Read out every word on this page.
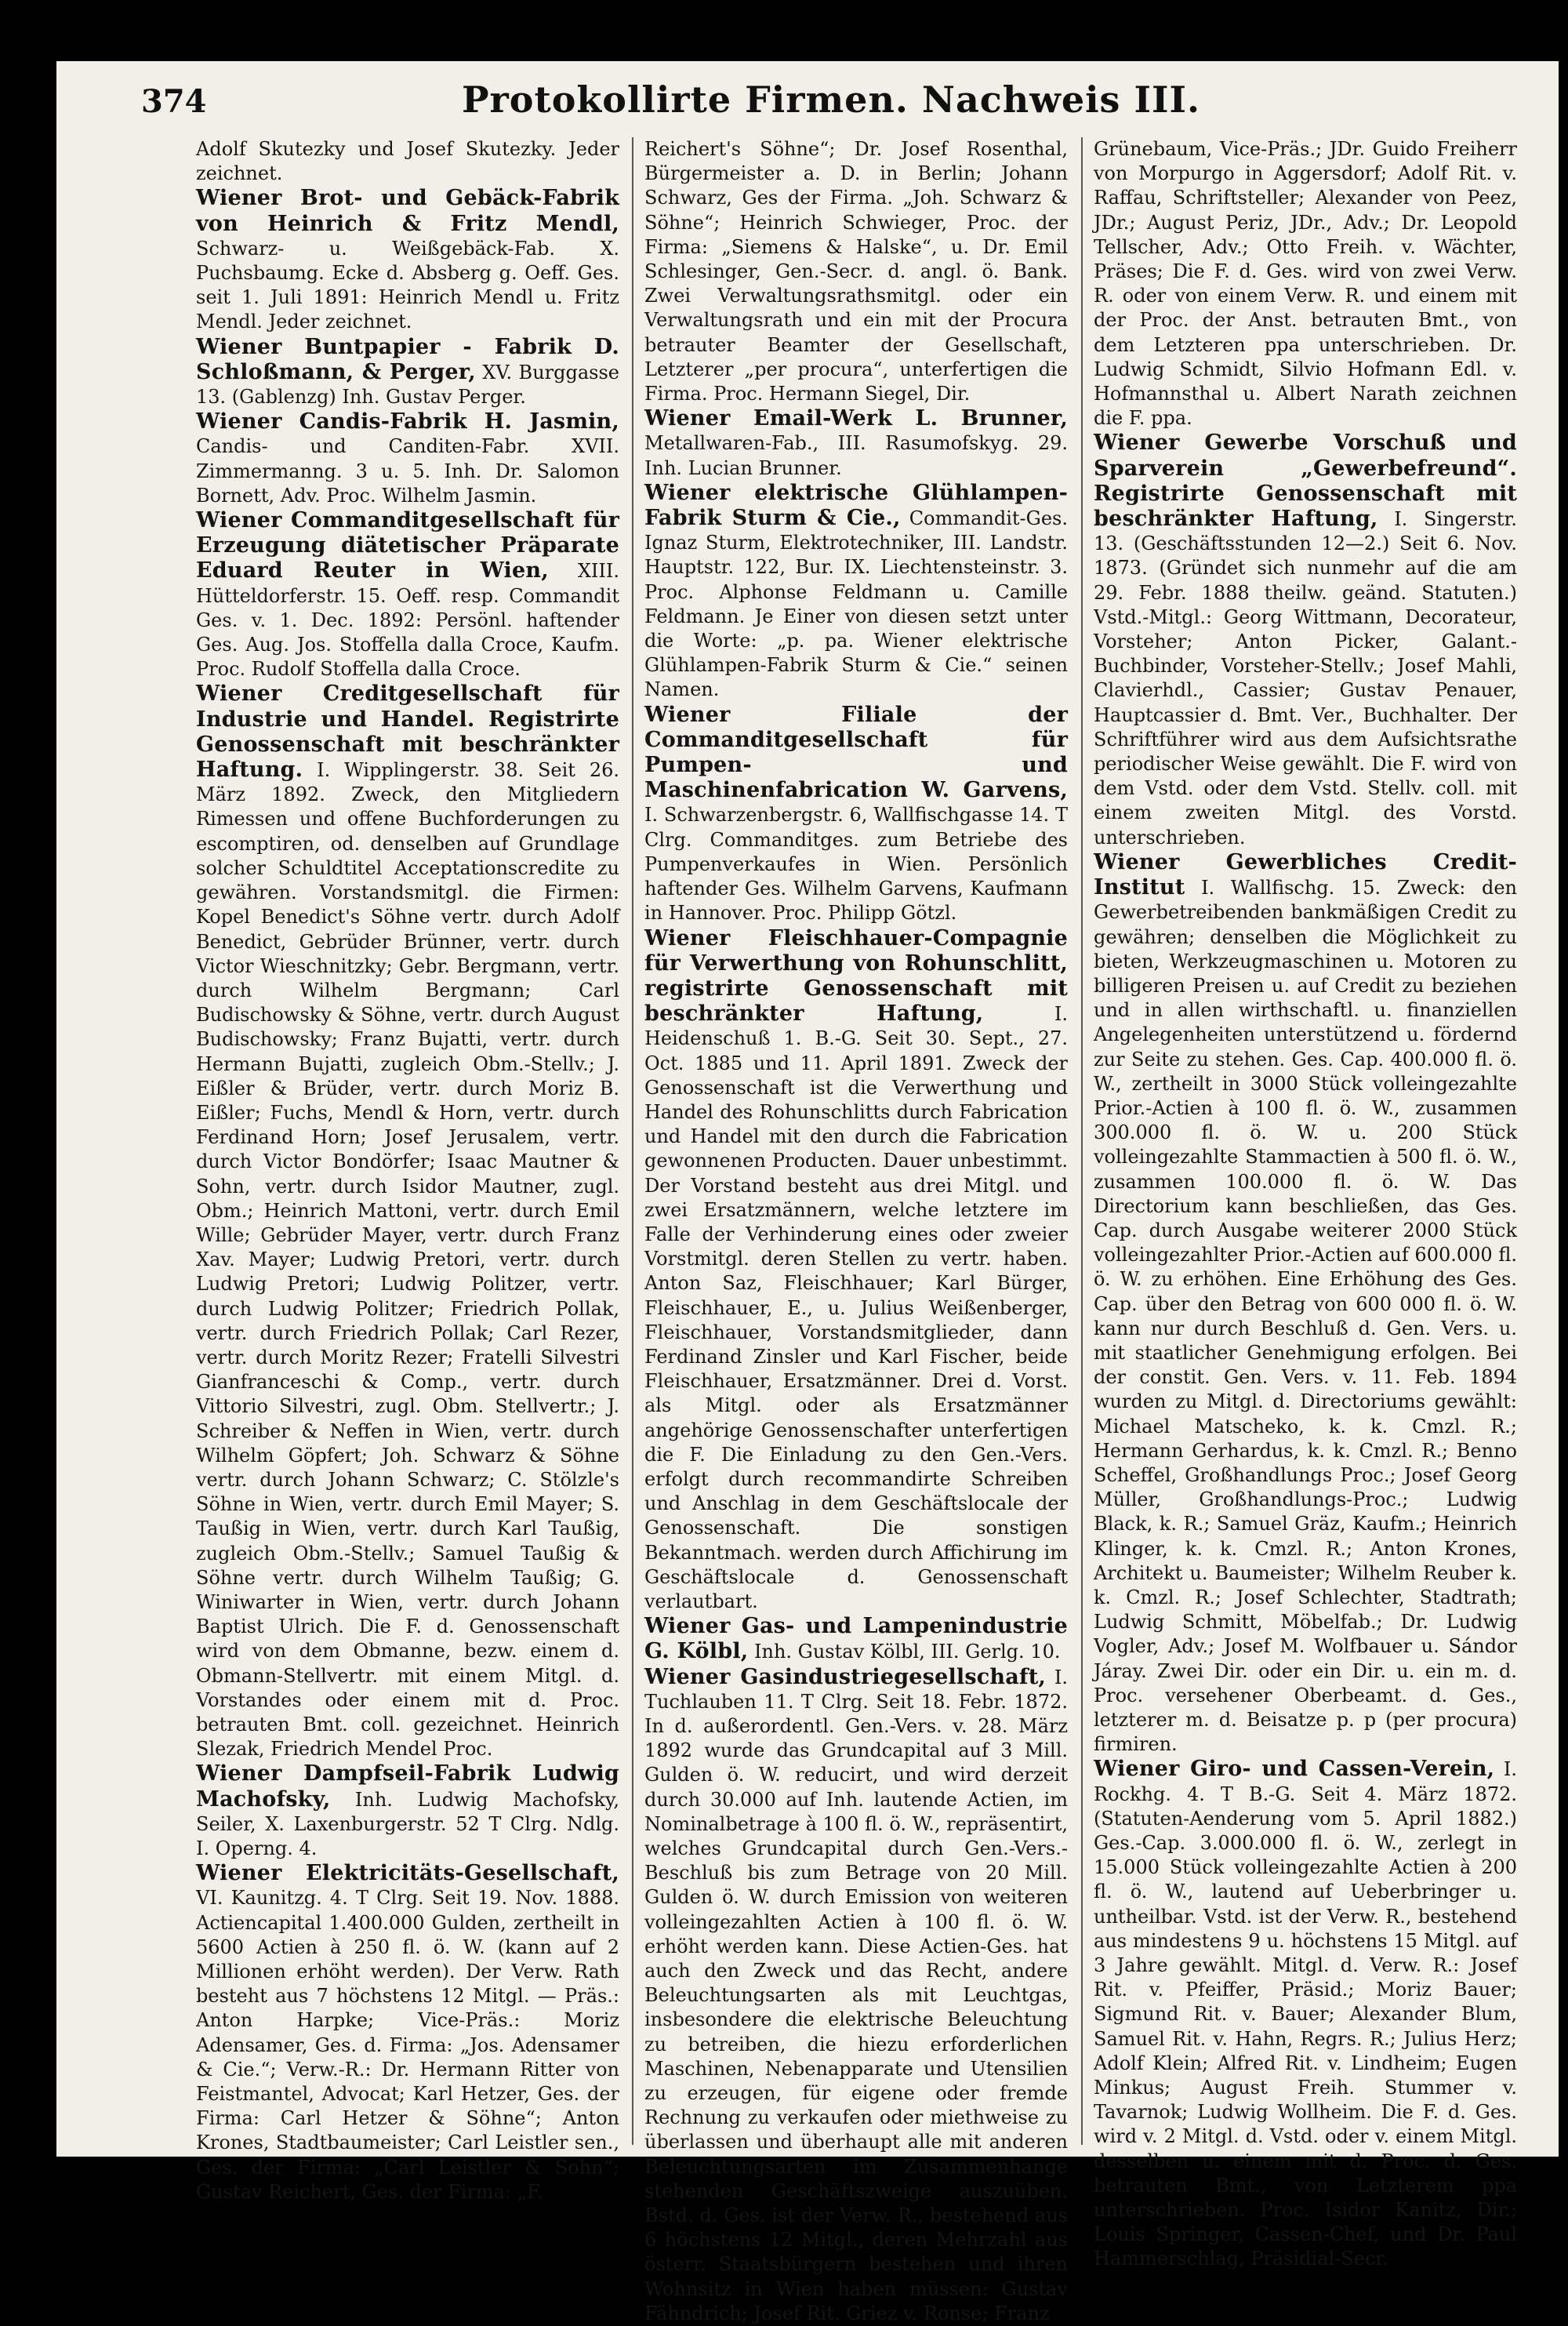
374	Protokollirte Firmen. Nachweis III.

Adolf Skutezky und Josef Skutezky. Jeder zeichnet.

Wiener Brot- und Gebäck-Fabrik von Heinrich & Fritz Mendl, Schwarz- u. Weißgebäck-Fab. X. Puchsbaumg. Ecke d. Absberg g. Oeff. Ges. seit 1. Juli 1891: Heinrich Mendl u. Fritz Mendl. Jeder zeichnet.

Wiener Buntpapier - Fabrik D. Schloßmann, & Perger, XV. Burggasse 13. (Gablenzg) Inh. Gustav Perger.

Wiener Candis-Fabrik H. Jasmin, Candis- und Canditen-Fabr. XVII. Zimmermanng. 3 u. 5. Inh. Dr. Salomon Bornett, Adv. Proc. Wilhelm Jasmin.

Wiener Commanditgesellschaft für Erzeugung diätetischer Präparate Eduard Reuter in Wien, XIII. Hütteldorferstr. 15. Oeff. resp. Commandit Ges. v. 1. Dec. 1892: Persönl. haftender Ges. Aug. Jos. Stoffella dalla Croce, Kaufm. Proc. Rudolf Stoffella dalla Croce.

Wiener Creditgesellschaft für Industrie und Handel. Registrirte Genossenschaft mit beschränkter Haftung. I. Wipplingerstr. 38. Seit 26. März 1892. Zweck, den Mitgliedern Rimessen und offene Buchforderungen zu escomptiren, od. denselben auf Grundlage solcher Schuldtitel Acceptationscredite zu gewähren. Vorstandsmitgl. die Firmen: Kopel Benedict's Söhne vertr. durch Adolf Benedict, Gebrüder Brünner, vertr. durch Victor Wieschnitzky; Gebr. Bergmann, vertr. durch Wilhelm Bergmann; Carl Budischowsky & Söhne, vertr. durch August Budischowsky; Franz Bujatti, vertr. durch Hermann Bujatti, zugleich Obm.-Stellv.; J. Eißler & Brüder, vertr. durch Moriz B. Eißler; Fuchs, Mendl & Horn, vertr. durch Ferdinand Horn; Josef Jerusalem, vertr. durch Victor Bondörfer; Isaac Mautner & Sohn, vertr. durch Isidor Mautner, zugl. Obm.; Heinrich Mattoni, vertr. durch Emil Wille; Gebrüder Mayer, vertr. durch Franz Xav. Mayer; Ludwig Pretori, vertr. durch Ludwig Pretori; Ludwig Politzer, vertr. durch Ludwig Politzer; Friedrich Pollak, vertr. durch Friedrich Pollak; Carl Rezer, vertr. durch Moritz Rezer; Fratelli Silvestri Gianfranceschi & Comp., vertr. durch Vittorio Silvestri, zugl. Obm. Stellvertr.; J. Schreiber & Neffen in Wien, vertr. durch Wilhelm Göpfert; Joh. Schwarz & Söhne vertr. durch Johann Schwarz; C. Stölzle's Söhne in Wien, vertr. durch Emil Mayer; S. Taußig in Wien, vertr. durch Karl Taußig, zugleich Obm.-Stellv.; Samuel Taußig & Söhne vertr. durch Wilhelm Taußig; G. Winiwarter in Wien, vertr. durch Johann Baptist Ulrich. Die F. d. Genossenschaft wird von dem Obmanne, bezw. einem d. Obmann-Stellvertr. mit einem Mitgl. d. Vorstandes oder einem mit d. Proc. betrauten Bmt. coll. gezeichnet. Heinrich Slezak, Friedrich Mendel Proc.

Wiener Dampfseil-Fabrik Ludwig Machofsky, Inh. Ludwig Machofsky, Seiler, X. Laxenburgerstr. 52 T Clrg. Ndlg. I. Operng. 4.

Wiener Elektricitäts-Gesellschaft, VI. Kaunitzg. 4. T Clrg. Seit 19. Nov. 1888. Actiencapital 1.400.000 Gulden, zertheilt in 5600 Actien à 250 fl. ö. W. (kann auf 2 Millionen erhöht werden). Der Verw. Rath besteht aus 7 höchstens 12 Mitgl. — Präs.: Anton Harpke; Vice-Präs.: Moriz Adensamer, Ges. d. Firma: „Jos. Adensamer & Cie.“; Verw.-R.: Dr. Hermann Ritter von Feistmantel, Advocat; Karl Hetzer, Ges. der Firma: Carl Hetzer & Söhne“; Anton Krones, Stadtbaumeister; Carl Leistler sen., Ges. der Firma: „Carl Leistler & Sohn“; Gustav Reichert, Ges. der Firma: „F.

Reichert's Söhne“; Dr. Josef Rosenthal, Bürgermeister a. D. in Berlin; Johann Schwarz, Ges der Firma. „Joh. Schwarz & Söhne“; Heinrich Schwieger, Proc. der Firma: „Siemens & Halske“, u. Dr. Emil Schlesinger, Gen.-Secr. d. angl. ö. Bank. Zwei Verwaltungsrathsmitgl. oder ein Verwaltungsrath und ein mit der Procura betrauter Beamter der Gesellschaft, Letzterer „per procura“, unterfertigen die Firma. Proc. Hermann Siegel, Dir.

Wiener Email-Werk L. Brunner, Metallwaren-Fab., III. Rasumofskyg. 29. Inh. Lucian Brunner.

Wiener elektrische Glühlampen-Fabrik Sturm & Cie., Commandit-Ges. Ignaz Sturm, Elektrotechniker, III. Landstr. Hauptstr. 122, Bur. IX. Liechtensteinstr. 3. Proc. Alphonse Feldmann u. Camille Feldmann. Je Einer von diesen setzt unter die Worte: „p. pa. Wiener elektrische Glühlampen-Fabrik Sturm & Cie.“ seinen Namen.

Wiener Filiale der Commanditgesellschaft für Pumpen- und Maschinenfabrication W. Garvens, I. Schwarzenbergstr. 6, Wallfischgasse 14. T Clrg. Commanditges. zum Betriebe des Pumpenverkaufes in Wien. Persönlich haftender Ges. Wilhelm Garvens, Kaufmann in Hannover. Proc. Philipp Götzl.

Wiener Fleischhauer-Compagnie für Verwerthung von Rohunschlitt, registrirte Genossenschaft mit beschränkter Haftung,	I. Heidenschuß 1. B.-G. Seit 30. Sept., 27. Oct. 1885 und 11. April 1891. Zweck der Genossenschaft ist die Verwerthung und Handel des Rohunschlitts durch Fabrication und Handel mit den durch die Fabrication gewonnenen Producten. Dauer unbestimmt. Der Vorstand besteht aus drei Mitgl. und zwei Ersatzmännern, welche letztere im Falle der Verhinderung eines oder zweier Vorstmitgl. deren Stellen zu vertr. haben. Anton Saz, Fleischhauer; Karl Bürger, Fleischhauer, E., u. Julius Weißenberger, Fleischhauer, Vorstandsmitglieder, dann Ferdinand Zinsler und Karl Fischer, beide Fleischhauer, Ersatzmänner. Drei d. Vorst. als Mitgl. oder als Ersatzmänner angehörige Genossenschafter unterfertigen die F. Die Einladung zu den Gen.-Vers. erfolgt durch recommandirte Schreiben und Anschlag in dem Geschäftslocale der Genossenschaft. Die sonstigen Bekanntmach. werden durch Affichirung im Geschäftslocale d. Genossenschaft verlautbart.

Wiener Gas- und Lampenindustrie G. Kölbl, Inh. Gustav Kölbl, III. Gerlg. 10.

Wiener Gasindustriegesellschaft, I. Tuchlauben 11. T Clrg. Seit 18. Febr. 1872. In d. außerordentl. Gen.-Vers. v. 28. März 1892 wurde das Grundcapital auf 3 Mill. Gulden ö. W. reducirt, und wird derzeit durch 30.000 auf Inh. lautende Actien, im Nominalbetrage à 100 fl. ö. W., repräsentirt, welches Grundcapital durch Gen.-Vers.-Beschluß bis zum Betrage von 20 Mill. Gulden ö. W. durch Emission von weiteren volleingezahlten Actien à 100 fl. ö. W. erhöht werden kann. Diese Actien-Ges. hat auch den Zweck und das Recht, andere Beleuchtungsarten als mit Leuchtgas, insbesondere die elektrische Beleuchtung zu betreiben, die hiezu erforderlichen Maschinen, Nebenapparate und Utensilien zu erzeugen, für eigene oder fremde Rechnung zu verkaufen oder miethweise zu überlassen und überhaupt alle mit anderen Beleuchtungsarten im Zusammenhange stehenden Geschäftszweige auszuüben. Bstd. d. Ges. ist der Verw. R., bestehend aus 6 höchstens 12 Mitgl., deren Mehrzahl aus österr. Staatsbürgern bestehen und ihren Wohnsitz in Wien haben müssen: Gustav Fähndrich; Josef Rit. Griez v. Ronse; Franz

Grünebaum, Vice-Präs.; JDr. Guido Freiherr von Morpurgo in Aggersdorf; Adolf Rit. v. Raffau, Schriftsteller; Alexander von Peez, JDr.; August Periz, JDr., Adv.; Dr. Leopold Tellscher, Adv.; Otto Freih. v. Wächter, Präses; Die F. d. Ges. wird von zwei Verw. R. oder von einem Verw. R. und einem mit der Proc. der Anst. betrauten Bmt., von dem Letzteren ppa unterschrieben. Dr. Ludwig Schmidt, Silvio Hofmann Edl. v. Hofmannsthal u. Albert Narath zeichnen die F. ppa.

Wiener Gewerbe Vorschuß und Sparverein „Gewerbefreund“. Registrirte Genossenschaft mit beschränkter Haftung, I. Singerstr. 13. (Geschäftsstunden 12—2.) Seit 6. Nov. 1873. (Gründet sich nunmehr auf die am 29. Febr. 1888 theilw. geänd. Statuten.) Vstd.-Mitgl.: Georg Wittmann, Decorateur, Vorsteher; Anton Picker, Galant.-Buchbinder, Vorsteher-Stellv.; Josef Mahli, Clavierhdl., Cassier; Gustav Penauer, Hauptcassier d. Bmt. Ver., Buchhalter. Der Schriftführer wird aus dem Aufsichtsrathe periodischer Weise gewählt. Die F. wird von dem Vstd. oder dem Vstd. Stellv. coll. mit einem zweiten Mitgl. des Vorstd. unterschrieben.

Wiener Gewerbliches Credit-Institut I. Wallfischg. 15. Zweck: den Gewerbetreibenden bankmäßigen Credit zu gewähren; denselben die Möglichkeit zu bieten, Werkzeugmaschinen u. Motoren zu billigeren Preisen u. auf Credit zu beziehen und in allen wirthschaftl. u. finanziellen Angelegenheiten unterstützend u. fördernd zur Seite zu stehen. Ges. Cap. 400.000 fl. ö. W., zertheilt in 3000 Stück volleingezahlte Prior.-Actien à 100 fl. ö. W., zusammen 300.000 fl. ö. W. u. 200 Stück volleingezahlte Stammactien à 500 fl. ö. W., zusammen 100.000 fl. ö. W. Das Directorium kann beschließen, das Ges. Cap. durch Ausgabe weiterer 2000 Stück volleingezahlter Prior.-Actien auf 600.000 fl. ö. W. zu erhöhen. Eine Erhöhung des Ges. Cap. über den Betrag von 600 000 fl. ö. W. kann nur durch Beschluß d. Gen. Vers. u. mit staatlicher Genehmigung erfolgen. Bei der constit. Gen. Vers. v. 11. Feb. 1894 wurden zu Mitgl. d. Directoriums gewählt: Michael Matscheko, k. k. Cmzl. R.; Hermann Gerhardus, k. k. Cmzl. R.; Benno Scheffel, Großhandlungs Proc.; Josef Georg Müller, Großhandlungs-Proc.; Ludwig Black, k. R.; Samuel Gräz, Kaufm.; Heinrich Klinger, k. k. Cmzl. R.; Anton Krones, Architekt u. Baumeister; Wilhelm Reuber k. k. Cmzl. R.; Josef Schlechter, Stadtrath; Ludwig Schmitt, Möbelfab.; Dr. Ludwig Vogler, Adv.; Josef M. Wolfbauer u. Sándor Járay. Zwei Dir. oder ein Dir. u. ein m. d. Proc. versehener Oberbeamt. d. Ges., letzterer m. d. Beisatze p. p (per procura) firmiren.

Wiener Giro- und Cassen-Verein, I. Rockhg. 4. T B.-G. Seit 4. März 1872. (Statuten-Aenderung vom 5. April 1882.) Ges.-Cap. 3.000.000 fl. ö. W., zerlegt in 15.000 Stück volleingezahlte Actien à 200 fl. ö. W., lautend auf Ueberbringer u. untheilbar. Vstd. ist der Verw. R., bestehend aus mindestens 9 u. höchstens 15 Mitgl. auf 3 Jahre gewählt. Mitgl. d. Verw. R.: Josef Rit. v. Pfeiffer, Präsid.; Moriz Bauer; Sigmund Rit. v. Bauer; Alexander Blum, Samuel Rit. v. Hahn, Regrs. R.; Julius Herz; Adolf Klein; Alfred Rit. v. Lindheim; Eugen Minkus; August Freih. Stummer v. Tavarnok; Ludwig Wollheim. Die F. d. Ges. wird v. 2 Mitgl. d. Vstd. oder v. einem Mitgl. desselben u. einem mit d. Proc. d. Ges. betrauten Bmt., von Letzterem ppa unterschrieben. Proc. Isidor Kanitz, Dir.; Louis Springer, Cassen-Chef, und Dr. Paul Hammerschlag, Präsidial-Secr.
